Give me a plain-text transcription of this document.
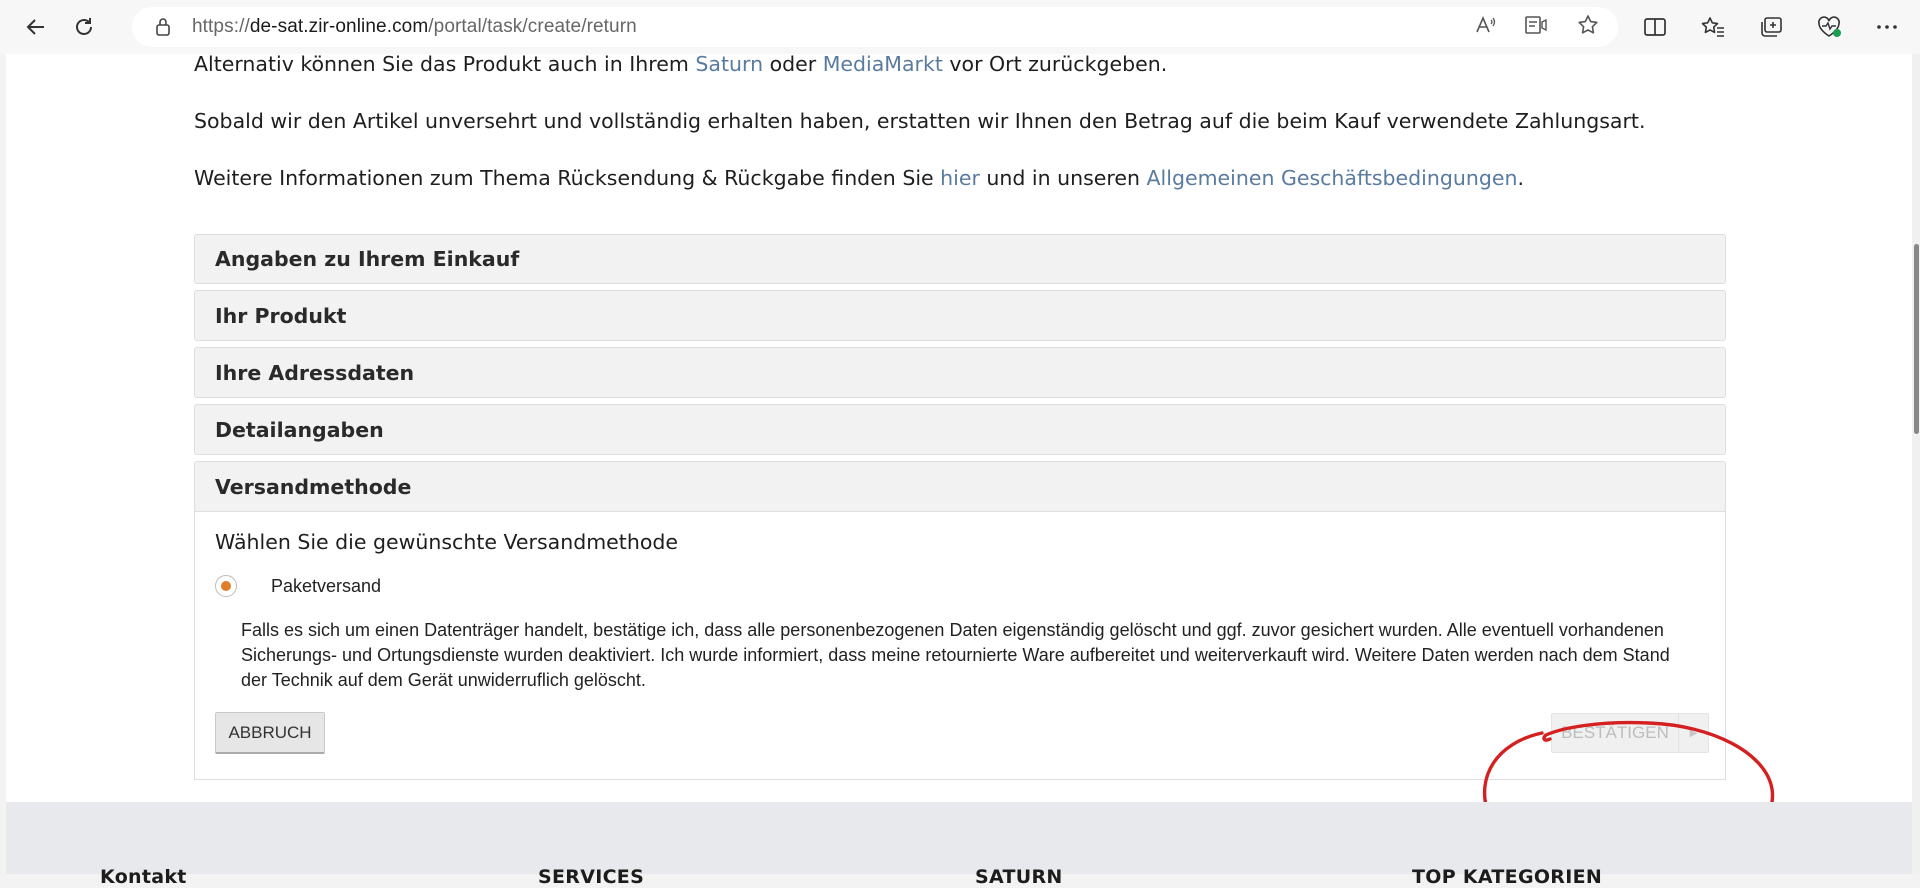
https://de-sat.zir-online.com/portal/task/create/return

Alternativ können Sie das Produkt auch in Ihrem Saturn oder MediaMarkt vor Ort zurückgeben.

Sobald wir den Artikel unversehrt und vollständig erhalten haben, erstatten wir Ihnen den Betrag auf die beim Kauf verwendete Zahlungsart.

Weitere Informationen zum Thema Rücksendung & Rückgabe finden Sie hier und in unseren Allgemeinen Geschäftsbedingungen.

Angaben zu Ihrem Einkauf
Ihr Produkt
Ihre Adressdaten
Detailangaben
Versandmethode

Wählen Sie die gewünschte Versandmethode

Paketversand

Falls es sich um einen Datenträger handelt, bestätige ich, dass alle personenbezogenen Daten eigenständig gelöscht und ggf. zuvor gesichert wurden. Alle eventuell vorhandenen Sicherungs- und Ortungsdienste wurden deaktiviert. Ich wurde informiert, dass meine retournierte Ware aufbereitet und weiterverkauft wird. Weitere Daten werden nach dem Stand der Technik auf dem Gerät unwiderruflich gelöscht.

ABBRUCH	BESTÄTIGEN	▶
Kontakt	SERVICES	SATURN	TOP KATEGORIEN
